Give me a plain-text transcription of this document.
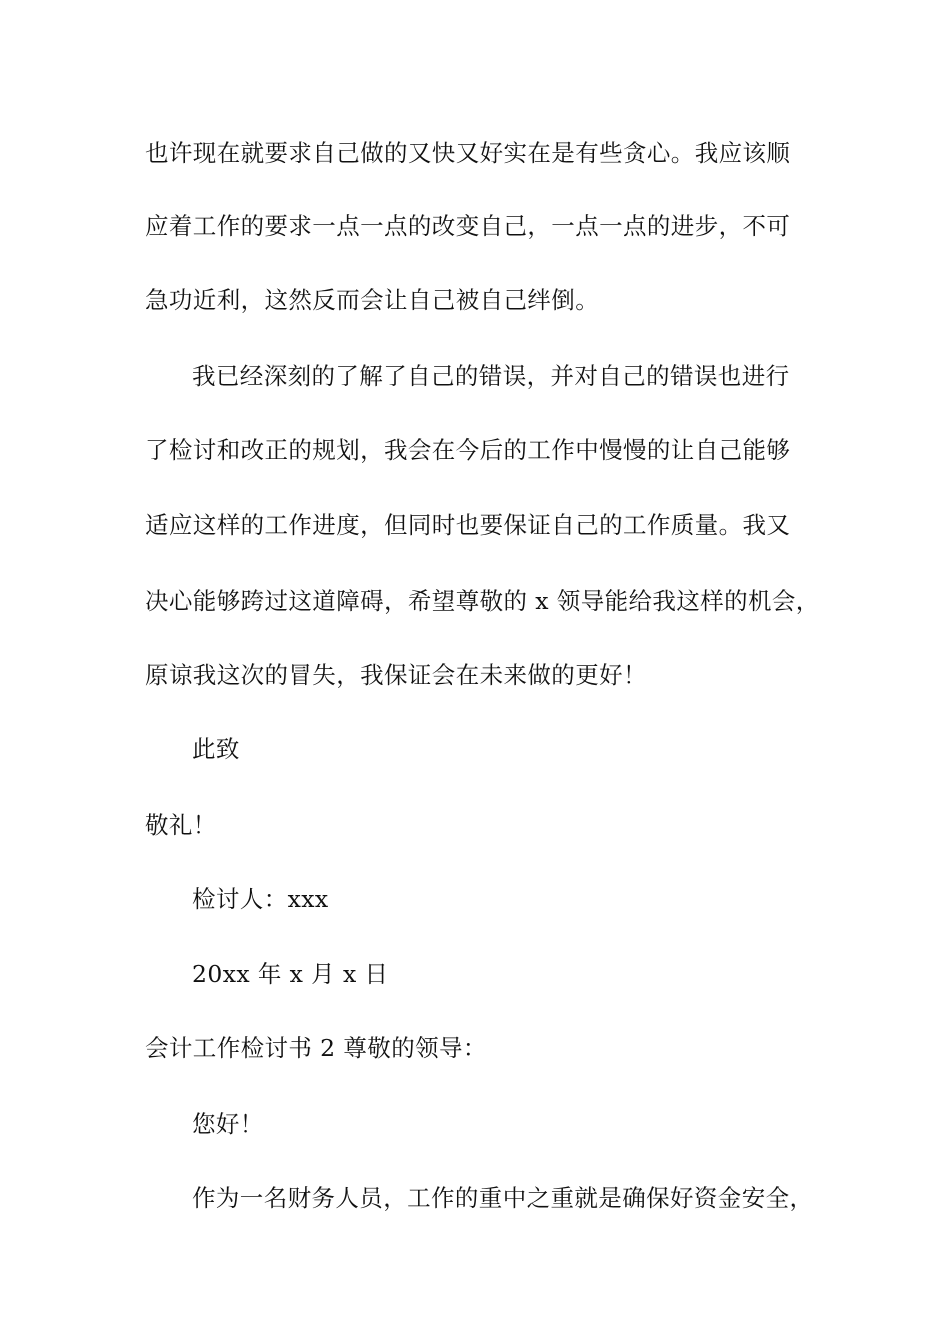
也许现在就要求自己做的又快又好实在是有些贪心。我应该顺
应着工作的要求一点一点的改变自己，一点一点的进步，不可
急功近利，这然反而会让自己被自己绊倒。
我已经深刻的了解了自己的错误，并对自己的错误也进行
了检讨和改正的规划，我会在今后的工作中慢慢的让自己能够
适应这样的工作进度，但同时也要保证自己的工作质量。我又
决心能够跨过这道障碍，希望尊敬的 x 领导能给我这样的机会，
原谅我这次的冒失，我保证会在未来做的更好！
此致
敬礼！
检讨人：xxx
20xx 年 x 月 x 日
会计工作检讨书 2 尊敬的领导：
您好！
作为一名财务人员，工作的重中之重就是确保好资金安全，
